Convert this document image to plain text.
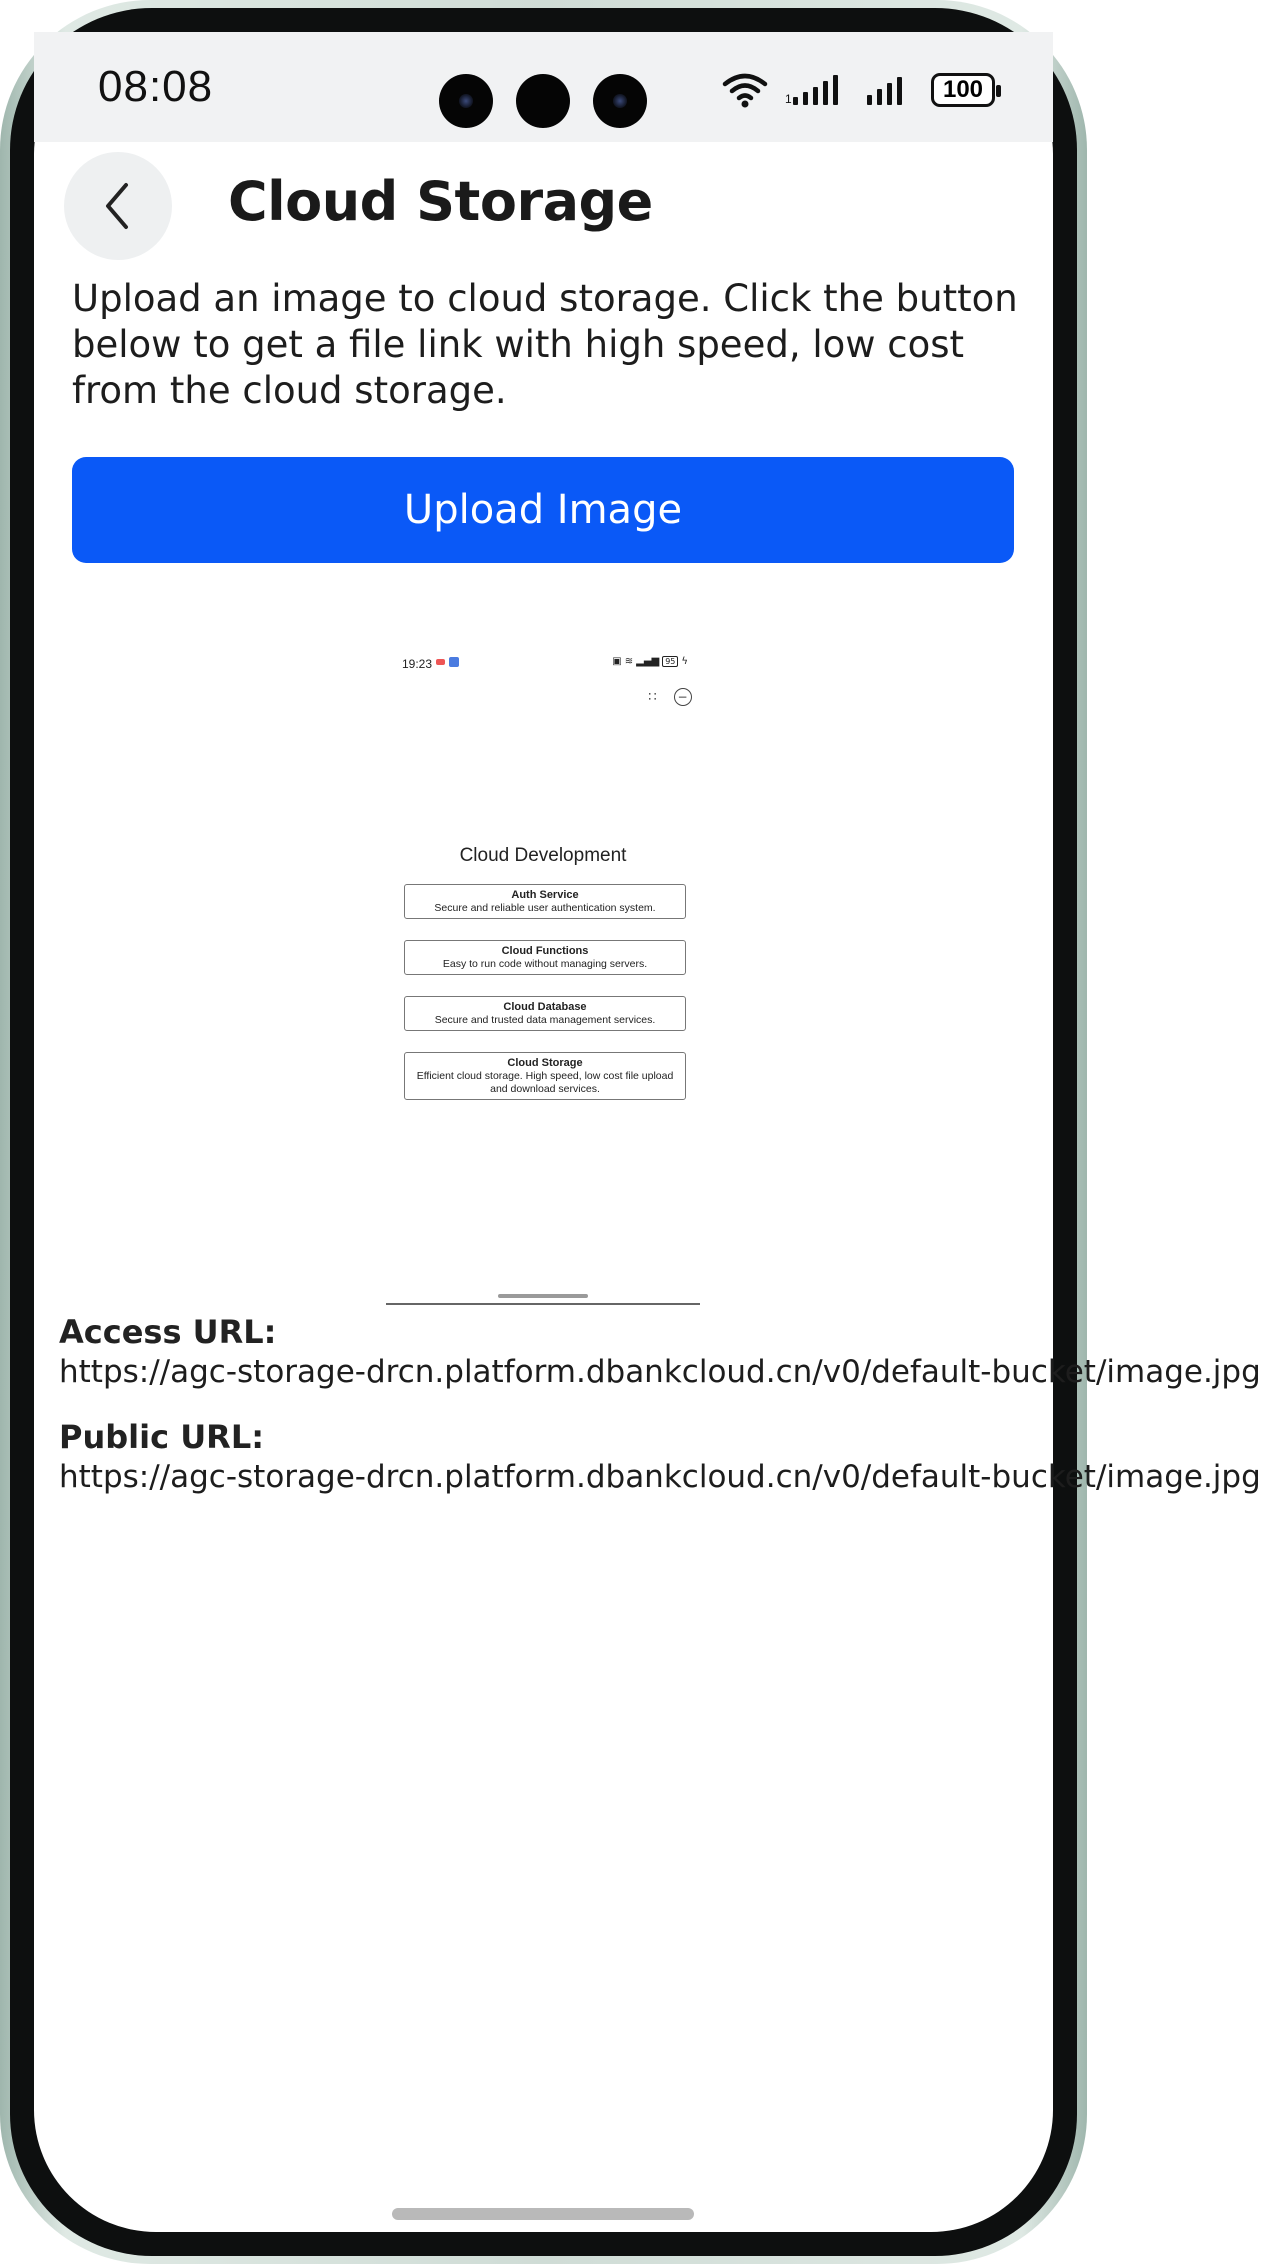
08:08	1	100
Cloud Storage
Upload an image to cloud storage. Click the button below to get a file link with high speed, low cost from the cloud storage.
Upload Image
19:23	▣ ≋ ▂▄▆ 95 ϟ
∷	−
Cloud Development
Auth Service
Secure and reliable user authentication system.
Cloud Functions
Easy to run code without managing servers.
Cloud Database
Secure and trusted data management services.
Cloud Storage
Efficient cloud storage. High speed, low cost file upload and download services.
Access URL:
https://agc-storage-drcn.platform.dbankcloud.cn/v0/default-bucket/image.jpg
Public URL:
https://agc-storage-drcn.platform.dbankcloud.cn/v0/default-bucket/image.jpg
